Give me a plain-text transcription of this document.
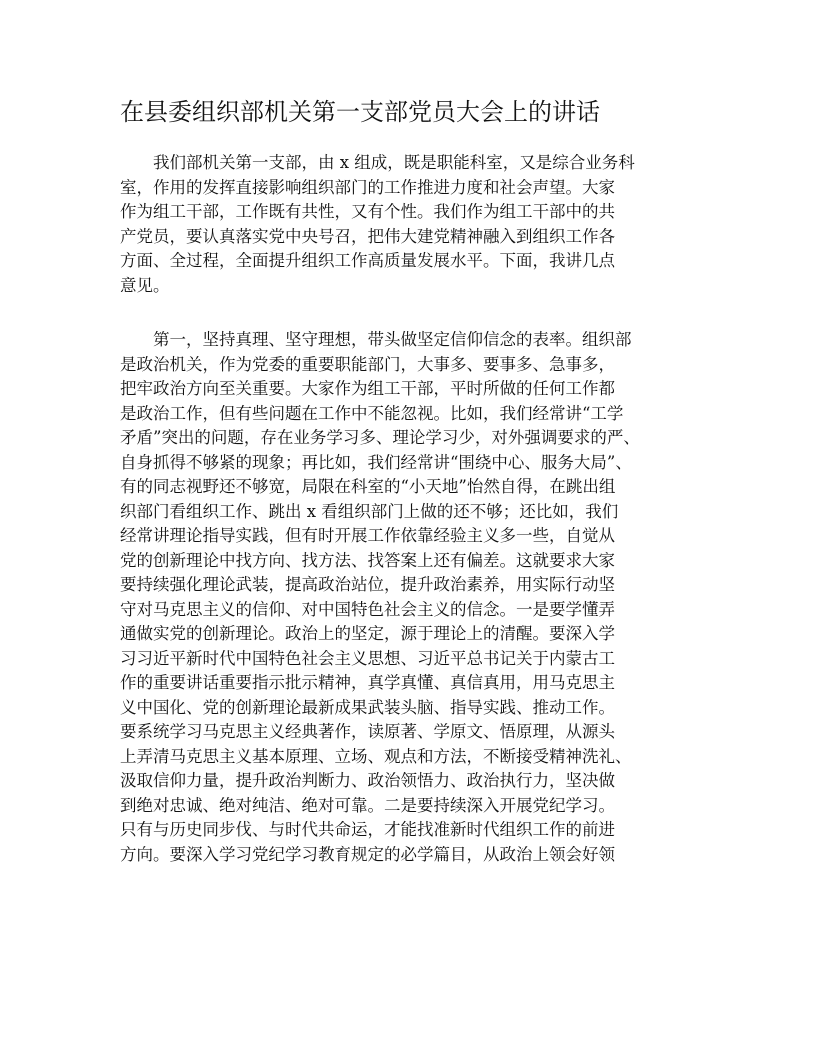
在县委组织部机关第一支部党员大会上的讲话

　　我们部机关第一支部，由 x 组成，既是职能科室，又是综合业务科
室，作用的发挥直接影响组织部门的工作推进力度和社会声望。大家
作为组工干部，工作既有共性，又有个性。我们作为组工干部中的共
产党员，要认真落实党中央号召，把伟大建党精神融入到组织工作各
方面、全过程，全面提升组织工作高质量发展水平。下面，我讲几点
意见。

　　第一，坚持真理、坚守理想，带头做坚定信仰信念的表率。组织部
是政治机关，作为党委的重要职能部门，大事多、要事多、急事多，
把牢政治方向至关重要。大家作为组工干部，平时所做的任何工作都
是政治工作，但有些问题在工作中不能忽视。比如，我们经常讲“工学
矛盾”突出的问题，存在业务学习多、理论学习少，对外强调要求的严、
自身抓得不够紧的现象；再比如，我们经常讲“围绕中心、服务大局”、
有的同志视野还不够宽，局限在科室的“小天地”怡然自得，在跳出组
织部门看组织工作、跳出 x 看组织部门上做的还不够；还比如，我们
经常讲理论指导实践，但有时开展工作依靠经验主义多一些，自觉从
党的创新理论中找方向、找方法、找答案上还有偏差。这就要求大家
要持续强化理论武装，提高政治站位，提升政治素养，用实际行动坚
守对马克思主义的信仰、对中国特色社会主义的信念。一是要学懂弄
通做实党的创新理论。政治上的坚定，源于理论上的清醒。要深入学
习习近平新时代中国特色社会主义思想、习近平总书记关于内蒙古工
作的重要讲话重要指示批示精神，真学真懂、真信真用，用马克思主
义中国化、党的创新理论最新成果武装头脑、指导实践、推动工作。
要系统学习马克思主义经典著作，读原著、学原文、悟原理，从源头
上弄清马克思主义基本原理、立场、观点和方法，不断接受精神洗礼、
汲取信仰力量，提升政治判断力、政治领悟力、政治执行力，坚决做
到绝对忠诚、绝对纯洁、绝对可靠。二是要持续深入开展党纪学习。
只有与历史同步伐、与时代共命运，才能找准新时代组织工作的前进
方向。要深入学习党纪学习教育规定的必学篇目，从政治上领会好领
